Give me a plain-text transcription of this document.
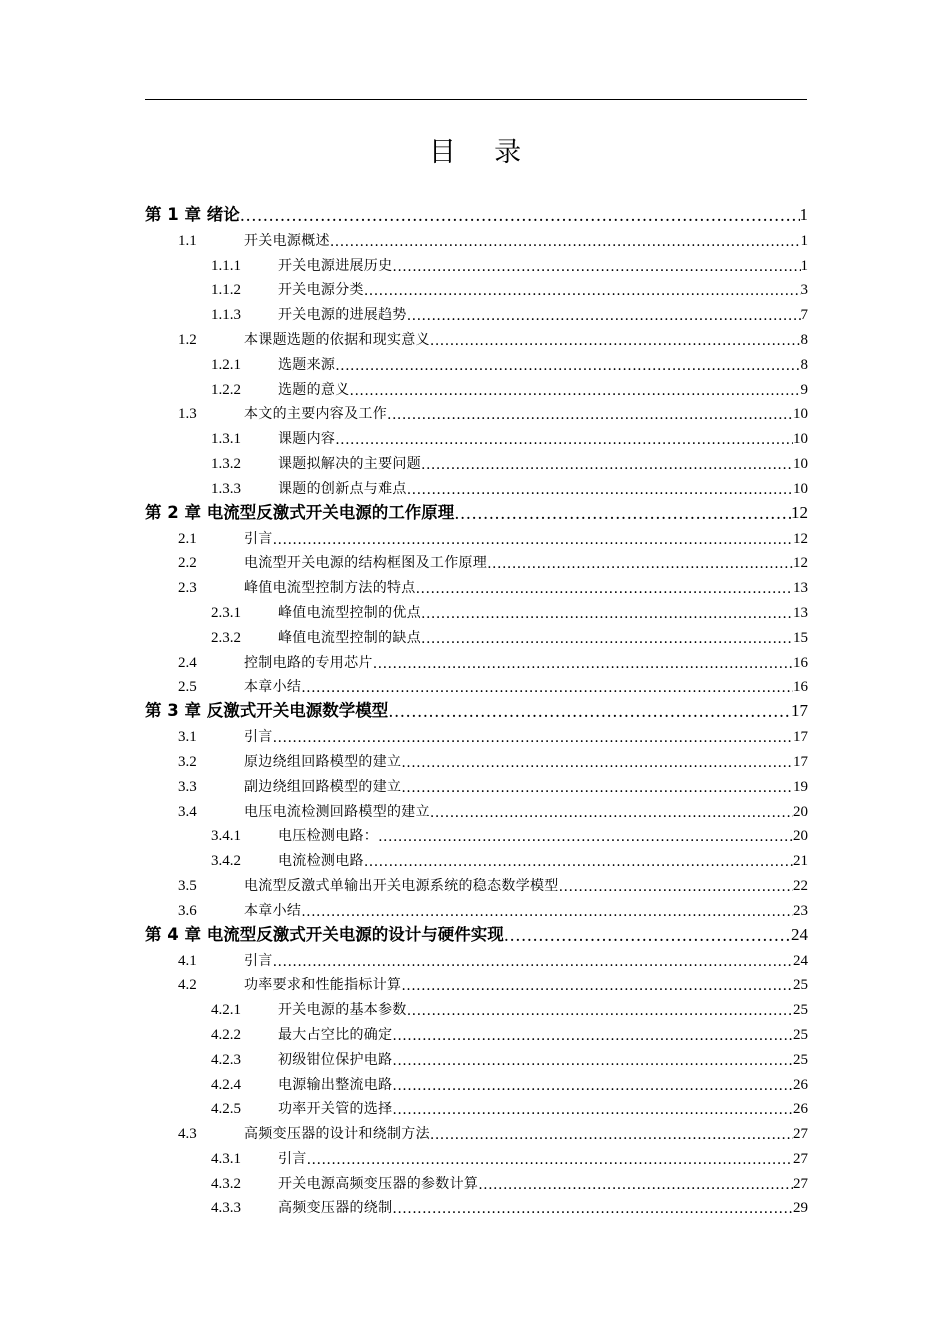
目 录
第 1 章 绪论 .....	1
1.1	开关电源概述 .....	1
1.1.1	开关电源进展历史 .....	1
1.1.2	开关电源分类 .....	3
1.1.3	开关电源的进展趋势 .....	7
1.2	本课题选题的依据和现实意义 .....	8
1.2.1	选题来源 .....	8
1.2.2	选题的意义 .....	9
1.3	本文的主要内容及工作 .....	10
1.3.1	课题内容 .....	10
1.3.2	课题拟解决的主要问题 .....	10
1.3.3	课题的创新点与难点 .....	10
第 2 章 电流型反激式开关电源的工作原理 .....	12
2.1	引言 .....	12
2.2	电流型开关电源的结构框图及工作原理 .....	12
2.3	峰值电流型控制方法的特点 .....	13
2.3.1	峰值电流型控制的优点 .....	13
2.3.2	峰值电流型控制的缺点 .....	15
2.4	控制电路的专用芯片 .....	16
2.5	本章小结 .....	16
第 3 章 反激式开关电源数学模型 .....	17
3.1	引言 .....	17
3.2	原边绕组回路模型的建立 .....	17
3.3	副边绕组回路模型的建立 .....	19
3.4	电压电流检测回路模型的建立 .....	20
3.4.1	电压检测电路： .....	20
3.4.2	电流检测电路 .....	21
3.5	电流型反激式单输出开关电源系统的稳态数学模型 .....	22
3.6	本章小结 .....	23
第 4 章 电流型反激式开关电源的设计与硬件实现 .....	24
4.1	引言 .....	24
4.2	功率要求和性能指标计算 .....	25
4.2.1	开关电源的基本参数 .....	25
4.2.2	最大占空比的确定 .....	25
4.2.3	初级钳位保护电路 .....	25
4.2.4	电源输出整流电路 .....	26
4.2.5	功率开关管的选择 .....	26
4.3	高频变压器的设计和绕制方法 .....	27
4.3.1	引言 .....	27
4.3.2	开关电源高频变压器的参数计算 .....	27
4.3.3	高频变压器的绕制 .....	29
